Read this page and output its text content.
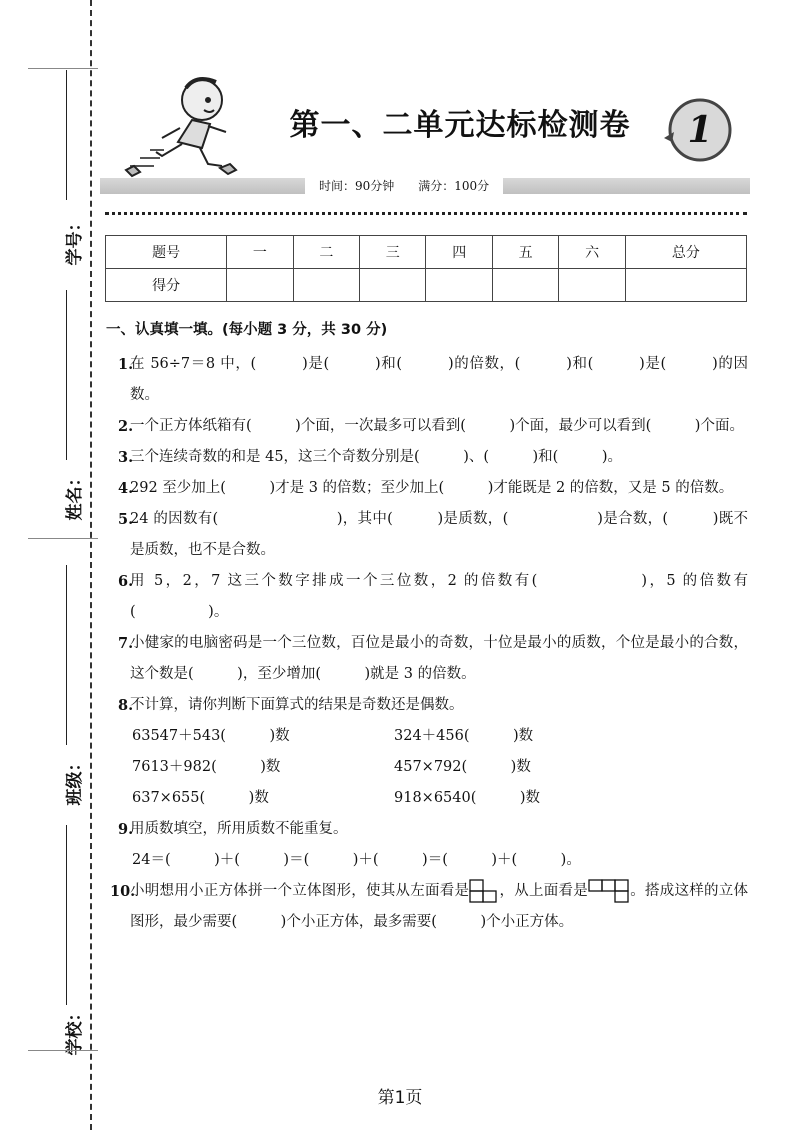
学号：
姓名：
班级：
学校：
第一、二单元达标检测卷 1
时间：90分钟　　满分：100分
题号	一	二	三	四	五	六	总分
得分							
一、认真填一填。(每小题 3 分，共 30 分)
1.
在 56÷7＝8 中，(　　　)是(　　　)和(　　　)的倍数，(　　　)和(　　　)是(　　　)的因数。
2.
一个正方体纸箱有(　　　)个面，一次最多可以看到(　　　)个面，最少可以看到(　　　)个面。
3.
三个连续奇数的和是 45，这三个奇数分别是(　　　)、(　　　)和(　　　)。
4.
292 至少加上(　　　)才是 3 的倍数；至少加上(　　　)才能既是 2 的倍数，又是 5 的倍数。
5.
24 的因数有(　　　　　　　　)，其中(　　　)是质数，(　　　　　　)是合数，(　　　)既不是质数，也不是合数。
6.
用 5，2，7 这三个数字排成一个三位数，2 的倍数有(　　　　　　)，5 的倍数有(　　　　　)。
7.
小健家的电脑密码是一个三位数，百位是最小的奇数，十位是最小的质数，个位是最小的合数，这个数是(　　　)，至少增加(　　　)就是 3 的倍数。
8.
不计算，请你判断下面算式的结果是奇数还是偶数。
63547＋543(　　　)数	324＋456(　　　)数
7613＋982(　　　)数	457×792(　　　)数
637×655(　　　)数	918×6540(　　　)数
9.
用质数填空，所用质数不能重复。
24＝(　　　)＋(　　　)＝(　　　)＋(　　　)＝(　　　)＋(　　　)。
10.
小明想用小正方体拼一个立体图形，使其从左面看是 ，从上面看是	。搭成这样的立体图形，最少需要(　　　)个小正方体，最多需要(　　　)个小正方体。
第1页
